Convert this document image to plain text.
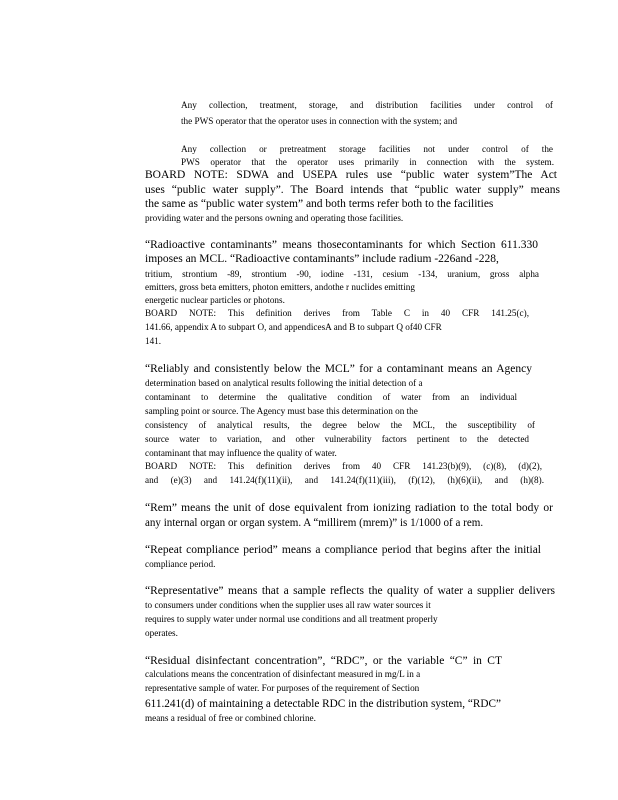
Any collection, treatment, storage, and distribution facilities under control of
the PWS operator that the operator uses in connection with the system; and
Any collection or pretreatment storage facilities not under control of the
PWS operator that the operator uses primarily in connection with the system.
BOARD NOTE: SDWA and USEPA rules use “public water system”The Act
uses “public water supply”. The Board intends that “public water supply” means
the same as “public water system” and both terms refer both to the facilities
providing water and the persons owning and operating those facilities.
“Radioactive contaminants” means thosecontaminants for which Section 611.330
imposes an MCL. “Radioactive contaminants” include radium -226and -228,
tritium, strontium -89, strontium -90, iodine -131, cesium -134, uranium, gross alpha
emitters, gross beta emitters, photon emitters, andothe r nuclides emitting
energetic nuclear particles or photons.
BOARD NOTE: This definition derives from Table C in 40 CFR 141.25(c),
141.66, appendix A to subpart O, and appendicesA and B to subpart Q of40 CFR
141.
“Reliably and consistently below the MCL” for a contaminant means an Agency
determination based on analytical results following the initial detection of a
contaminant to determine the qualitative condition of water from an individual
sampling point or source. The Agency must base this determination on the
consistency of analytical results, the degree below the MCL, the susceptibility of
source water to variation, and other vulnerability factors pertinent to the detected
contaminant that may influence the quality of water.
BOARD NOTE: This definition derives from 40 CFR 141.23(b)(9), (c)(8), (d)(2),
and (e)(3) and 141.24(f)(11)(ii), and 141.24(f)(11)(iii), (f)(12), (h)(6)(ii), and (h)(8).
“Rem” means the unit of dose equivalent from ionizing radiation to the total body or
any internal organ or organ system. A “millirem (mrem)” is 1/1000 of a rem.
“Repeat compliance period” means a compliance period that begins after the initial
compliance period.
“Representative” means that a sample reflects the quality of water a supplier delivers
to consumers under conditions when the supplier uses all raw water sources it
requires to supply water under normal use conditions and all treatment properly
operates.
“Residual disinfectant concentration”, “RDC”, or the variable “C” in CT
calculations means the concentration of disinfectant measured in mg/L in a
representative sample of water. For purposes of the requirement of Section
611.241(d) of maintaining a detectable RDC in the distribution system, “RDC”
means a residual of free or combined chlorine.
